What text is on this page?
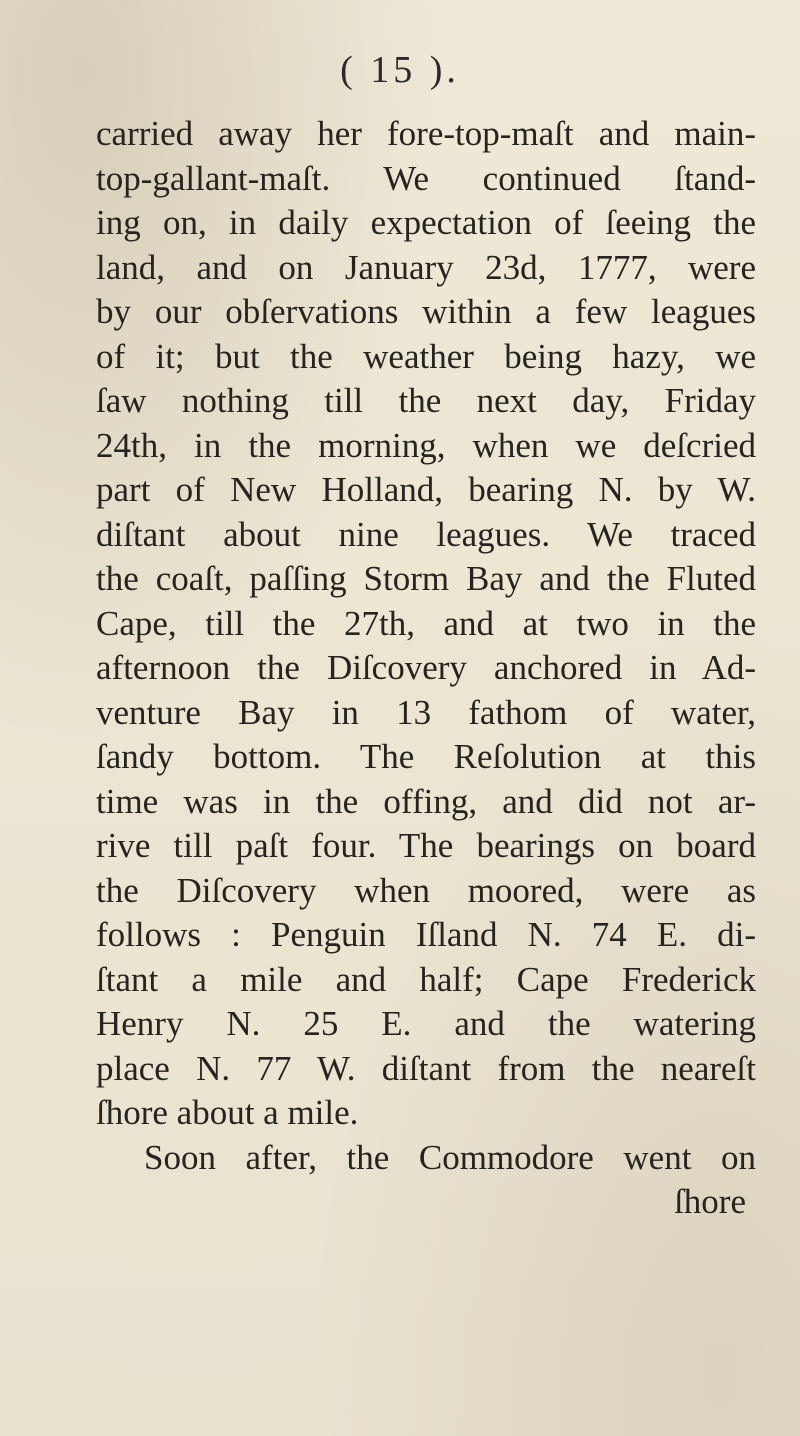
( 15 ).
carried away her fore-top-maſt and main-
top-gallant-maſt. We continued ſtand-
ing on, in daily expectation of ſeeing the
land, and on January 23d, 1777, were
by our obſervations within a few leagues
of it; but the weather being hazy, we
ſaw nothing till the next day, Friday
24th, in the morning, when we deſcried
part of New Holland, bearing N. by W.
diſtant about nine leagues. We traced
the coaſt, paſſing Storm Bay and the Fluted
Cape, till the 27th, and at two in the
afternoon the Diſcovery anchored in Ad-
venture Bay in 13 fathom of water,
ſandy bottom. The Reſolution at this
time was in the offing, and did not ar-
rive till paſt four. The bearings on board
the Diſcovery when moored, were as
follows : Penguin Iſland N. 74 E. di-
ſtant a mile and half; Cape Frederick
Henry N. 25 E. and the watering
place N. 77 W. diſtant from the neareſt
ſhore about a mile.
Soon after, the Commodore went on
ſhore
